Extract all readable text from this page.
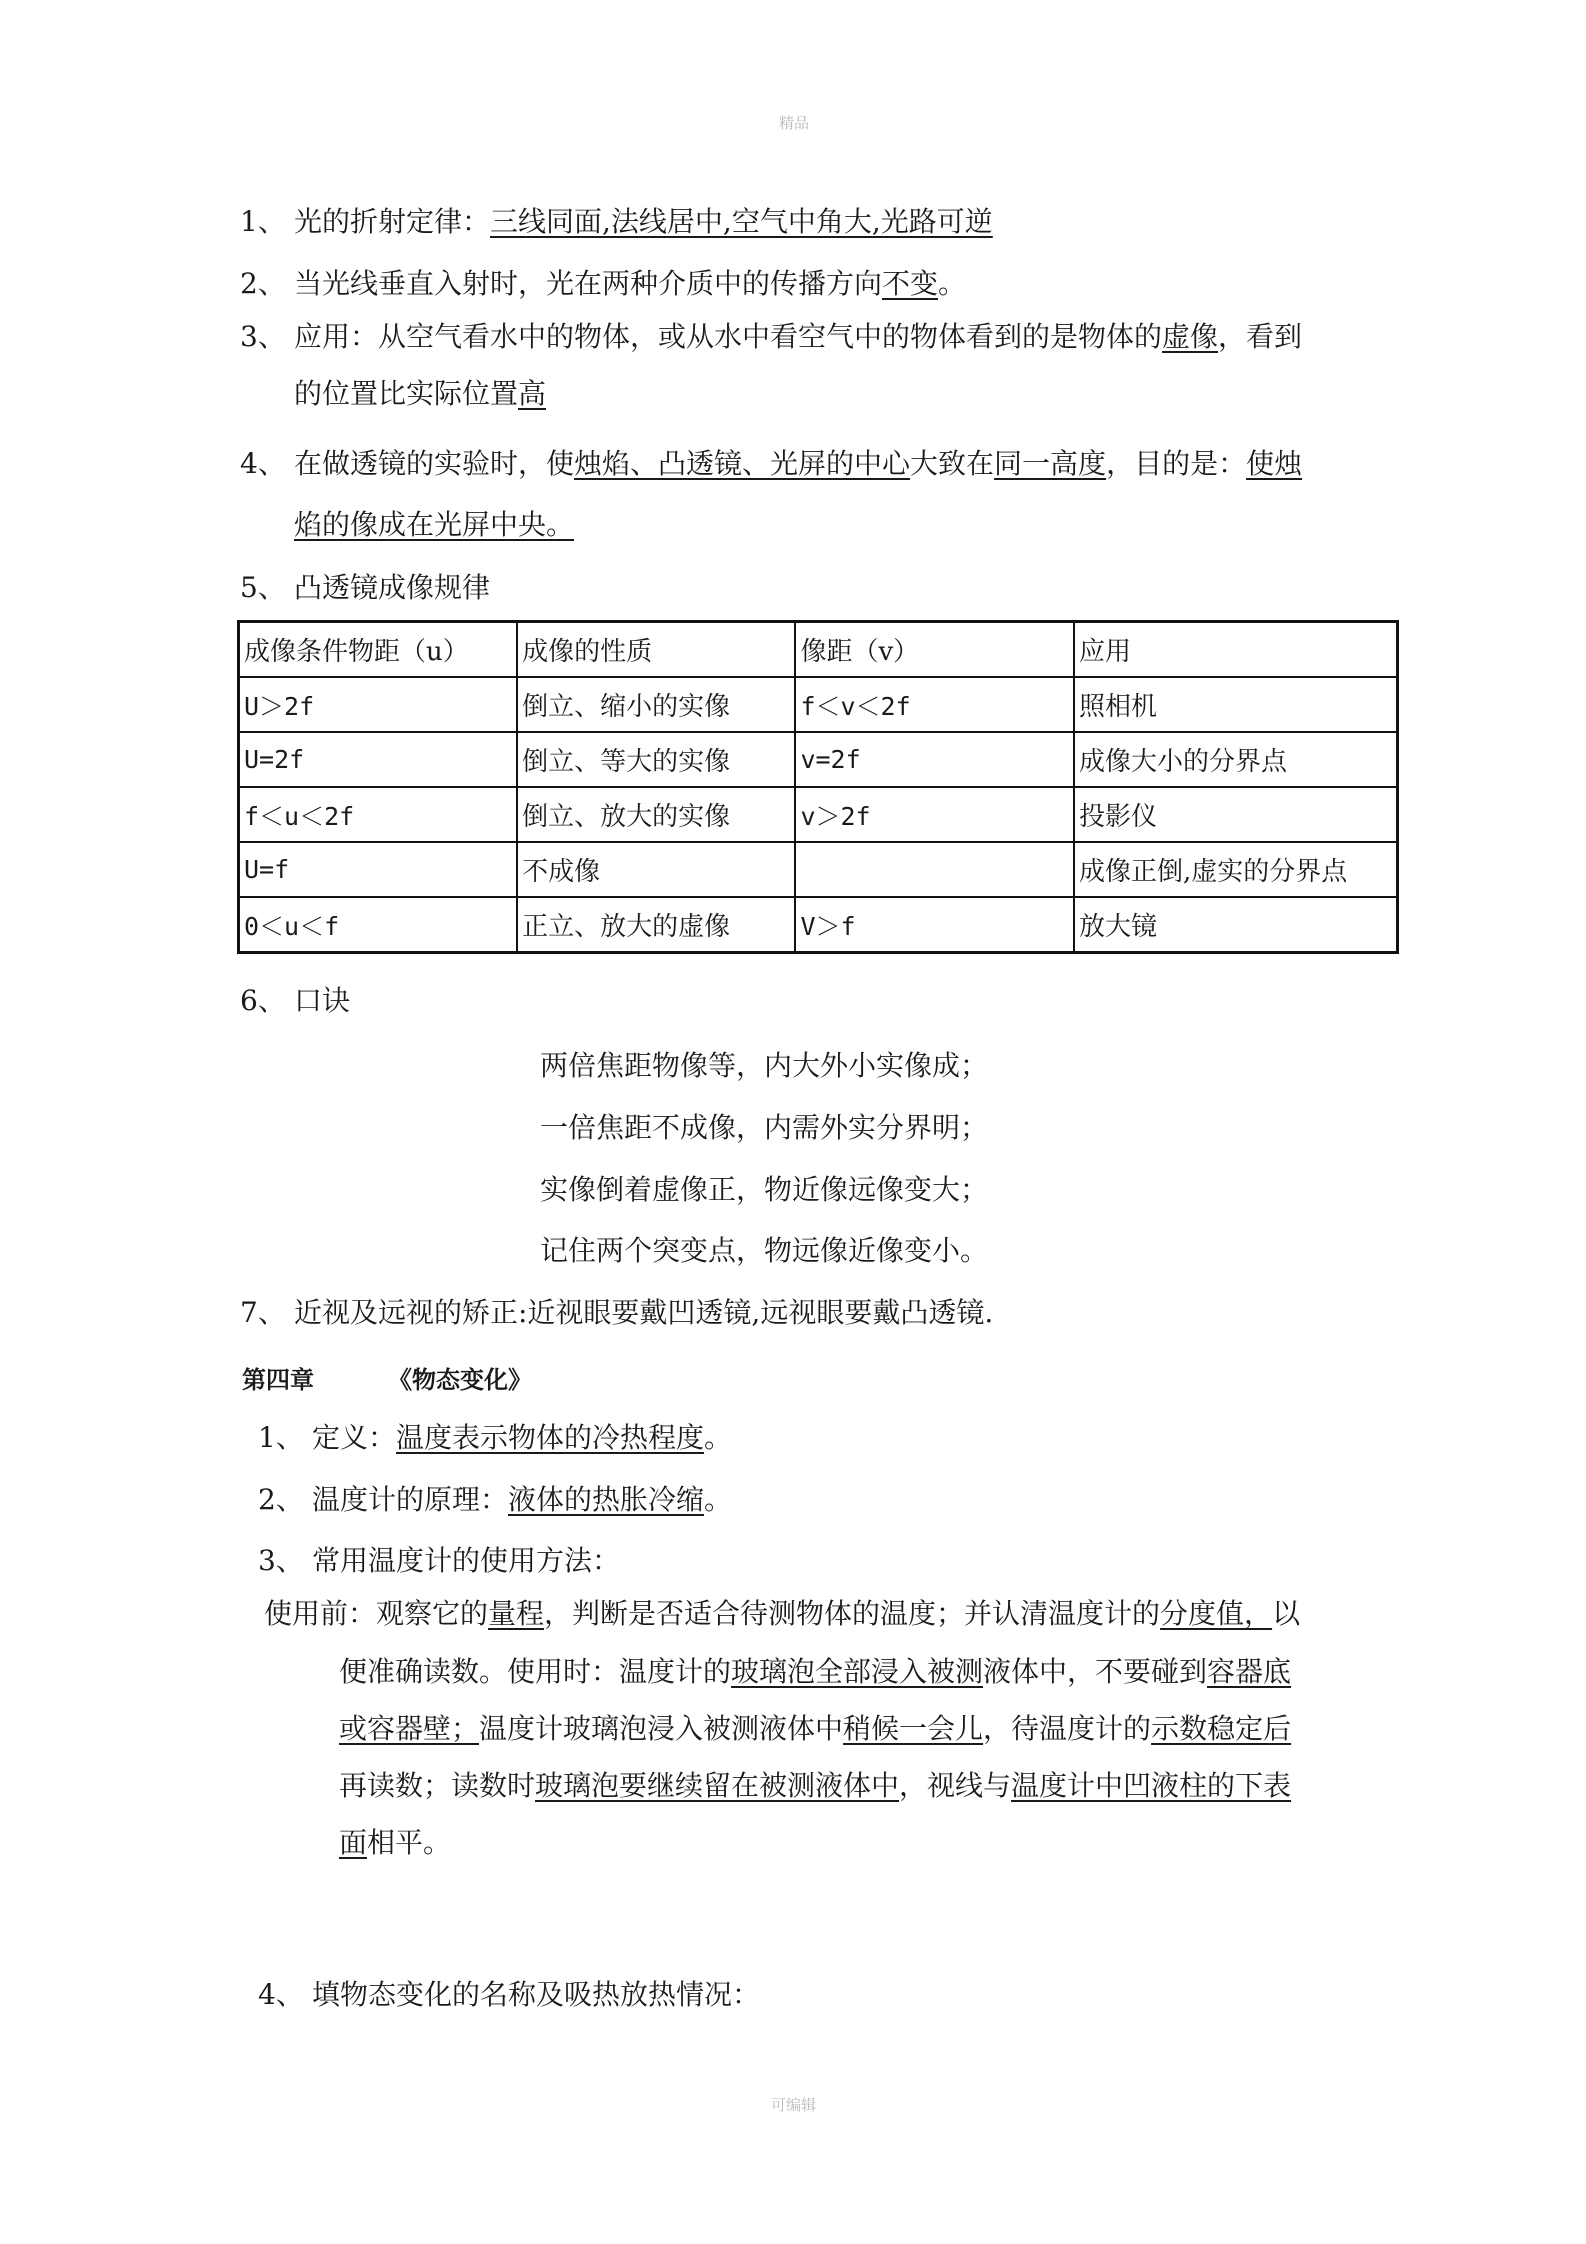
精品
可编辑
1、 光的折射定律：三线同面,法线居中,空气中角大,光路可逆
2、 当光线垂直入射时，光在两种介质中的传播方向不变。
3、 应用：从空气看水中的物体，或从水中看空气中的物体看到的是物体的虚像，看到
的位置比实际位置高
4、 在做透镜的实验时，使烛焰、凸透镜、光屏的中心大致在同一高度，目的是：使烛
焰的像成在光屏中央。
5、 凸透镜成像规律
成像条件物距（u）	成像的性质	像距（v）	应用
U＞2f	倒立、缩小的实像	f＜v＜2f	照相机
U=2f	倒立、等大的实像	v=2f	成像大小的分界点
f＜u＜2f	倒立、放大的实像	v＞2f	投影仪
U=f	不成像		成像正倒,虚实的分界点
0＜u＜f	正立、放大的虚像	V＞f	放大镜
6、 口诀
两倍焦距物像等，内大外小实像成；
一倍焦距不成像，内需外实分界明；
实像倒着虚像正，物近像远像变大；
记住两个突变点，物远像近像变小。
7、 近视及远视的矫正:近视眼要戴凹透镜,远视眼要戴凸透镜.
第四章	《物态变化》
1、 定义：温度表示物体的冷热程度。
2、 温度计的原理：液体的热胀冷缩。
3、 常用温度计的使用方法：
使用前：观察它的量程，判断是否适合待测物体的温度；并认清温度计的分度值，以
便准确读数。使用时：温度计的玻璃泡全部浸入被测液体中，不要碰到容器底
或容器壁；温度计玻璃泡浸入被测液体中稍候一会儿，待温度计的示数稳定后
再读数；读数时玻璃泡要继续留在被测液体中，视线与温度计中凹液柱的下表
面相平。
4、 填物态变化的名称及吸热放热情况：
